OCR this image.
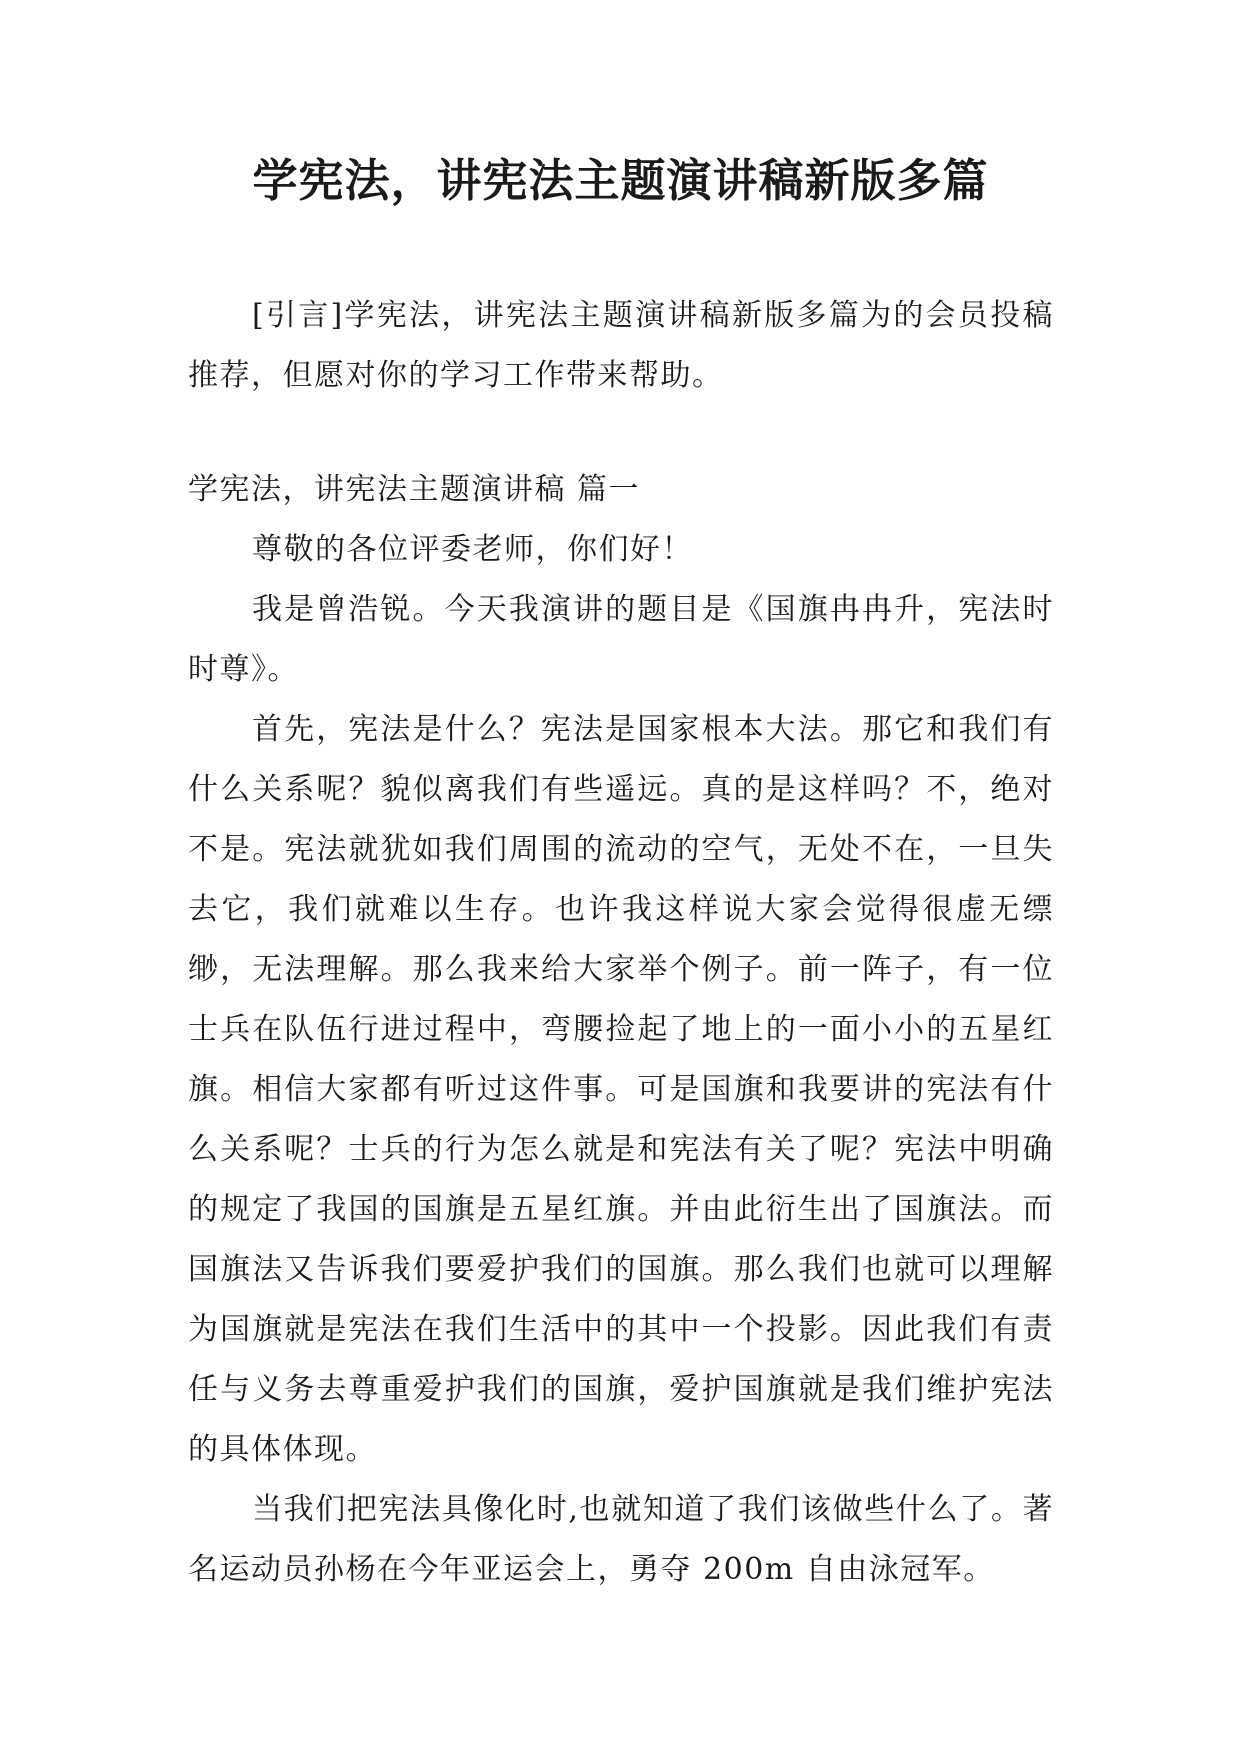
学宪法，讲宪法主题演讲稿新版多篇

[引言]学宪法，讲宪法主题演讲稿新版多篇为的会员投稿推荐，但愿对你的学习工作带来帮助。

学宪法，讲宪法主题演讲稿 篇一

尊敬的各位评委老师，你们好！

我是曾浩锐。今天我演讲的题目是《国旗冉冉升，宪法时时尊》。

首先，宪法是什么？宪法是国家根本大法。那它和我们有什么关系呢？貌似离我们有些遥远。真的是这样吗？不，绝对不是。宪法就犹如我们周围的流动的空气，无处不在，一旦失去它，我们就难以生存。也许我这样说大家会觉得很虚无缥缈，无法理解。那么我来给大家举个例子。前一阵子，有一位士兵在队伍行进过程中，弯腰捡起了地上的一面小小的五星红旗。相信大家都有听过这件事。可是国旗和我要讲的宪法有什么关系呢？士兵的行为怎么就是和宪法有关了呢？宪法中明确的规定了我国的国旗是五星红旗。并由此衍生出了国旗法。而国旗法又告诉我们要爱护我们的国旗。那么我们也就可以理解为国旗就是宪法在我们生活中的其中一个投影。因此我们有责任与义务去尊重爱护我们的国旗，爱护国旗就是我们维护宪法的具体体现。

当我们把宪法具像化时,也就知道了我们该做些什么了。著名运动员孙杨在今年亚运会上，勇夺 200m 自由泳冠军。
